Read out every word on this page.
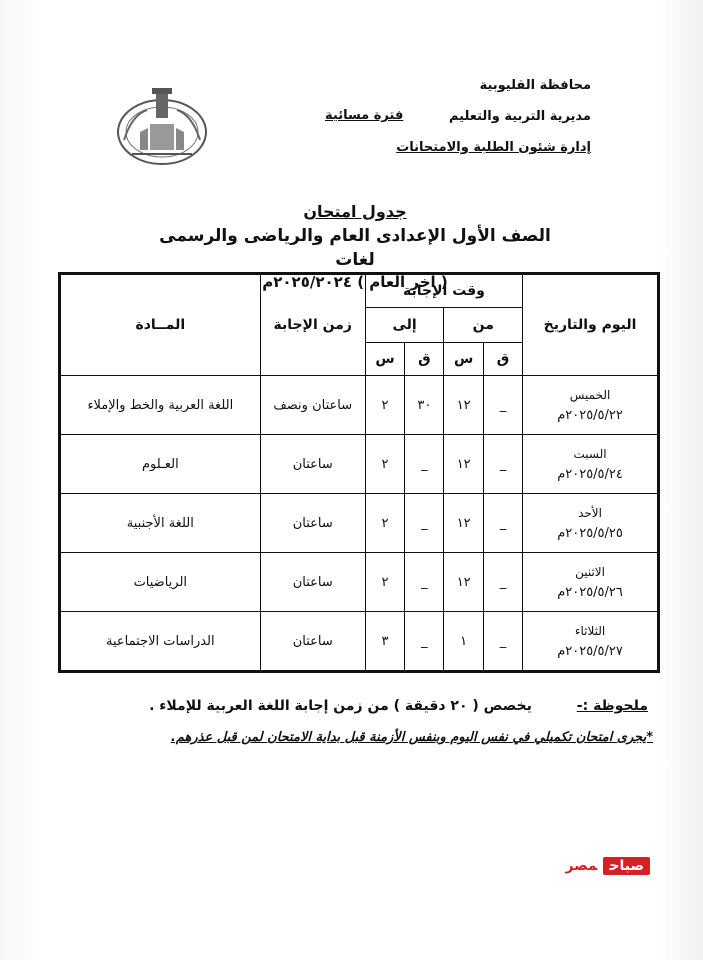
محافظة القليوبية
مديرية التربية والتعليم
إدارة شئون الطلبة والامتحانات
فترة مسائية
جدول امتحان
الصف الأول الإعدادى العام والرياضى والرسمى لغات
( آخر العام ) ٢٠٢٥/٢٠٢٤م
اليوم والتاريخ	وقت الإجابة				زمن الإجابة	المــادة
	من		إلى			
	ق	س	ق	س		

الخميس
٢٠٢٥/٥/٢٢م	_	١٢	٣٠	٢	ساعتان ونصف	اللغة العربية والخط والإملاء

السبت
٢٠٢٥/٥/٢٤م	_	١٢	_	٢	ساعتان	العـلوم

الأحد
٢٠٢٥/٥/٢٥م	_	١٢	_	٢	ساعتان	اللغة الأجنبية

الاثنين
٢٠٢٥/٥/٢٦م	_	١٢	_	٢	ساعتان	الرياضيات

الثلاثاء
٢٠٢٥/٥/٢٧م	_	١	_	٣	ساعتان	الدراسات الاجتماعية
ملحوظة :- يخصص ( ٢٠ دقيقة ) من زمن إجابة اللغة العربية للإملاء .
*يجرى امتحان تكميلي في نفس اليوم وبنفس الأزمنة قبل بداية الامتحان لمن قبل عذرهم.
صباحمصر
